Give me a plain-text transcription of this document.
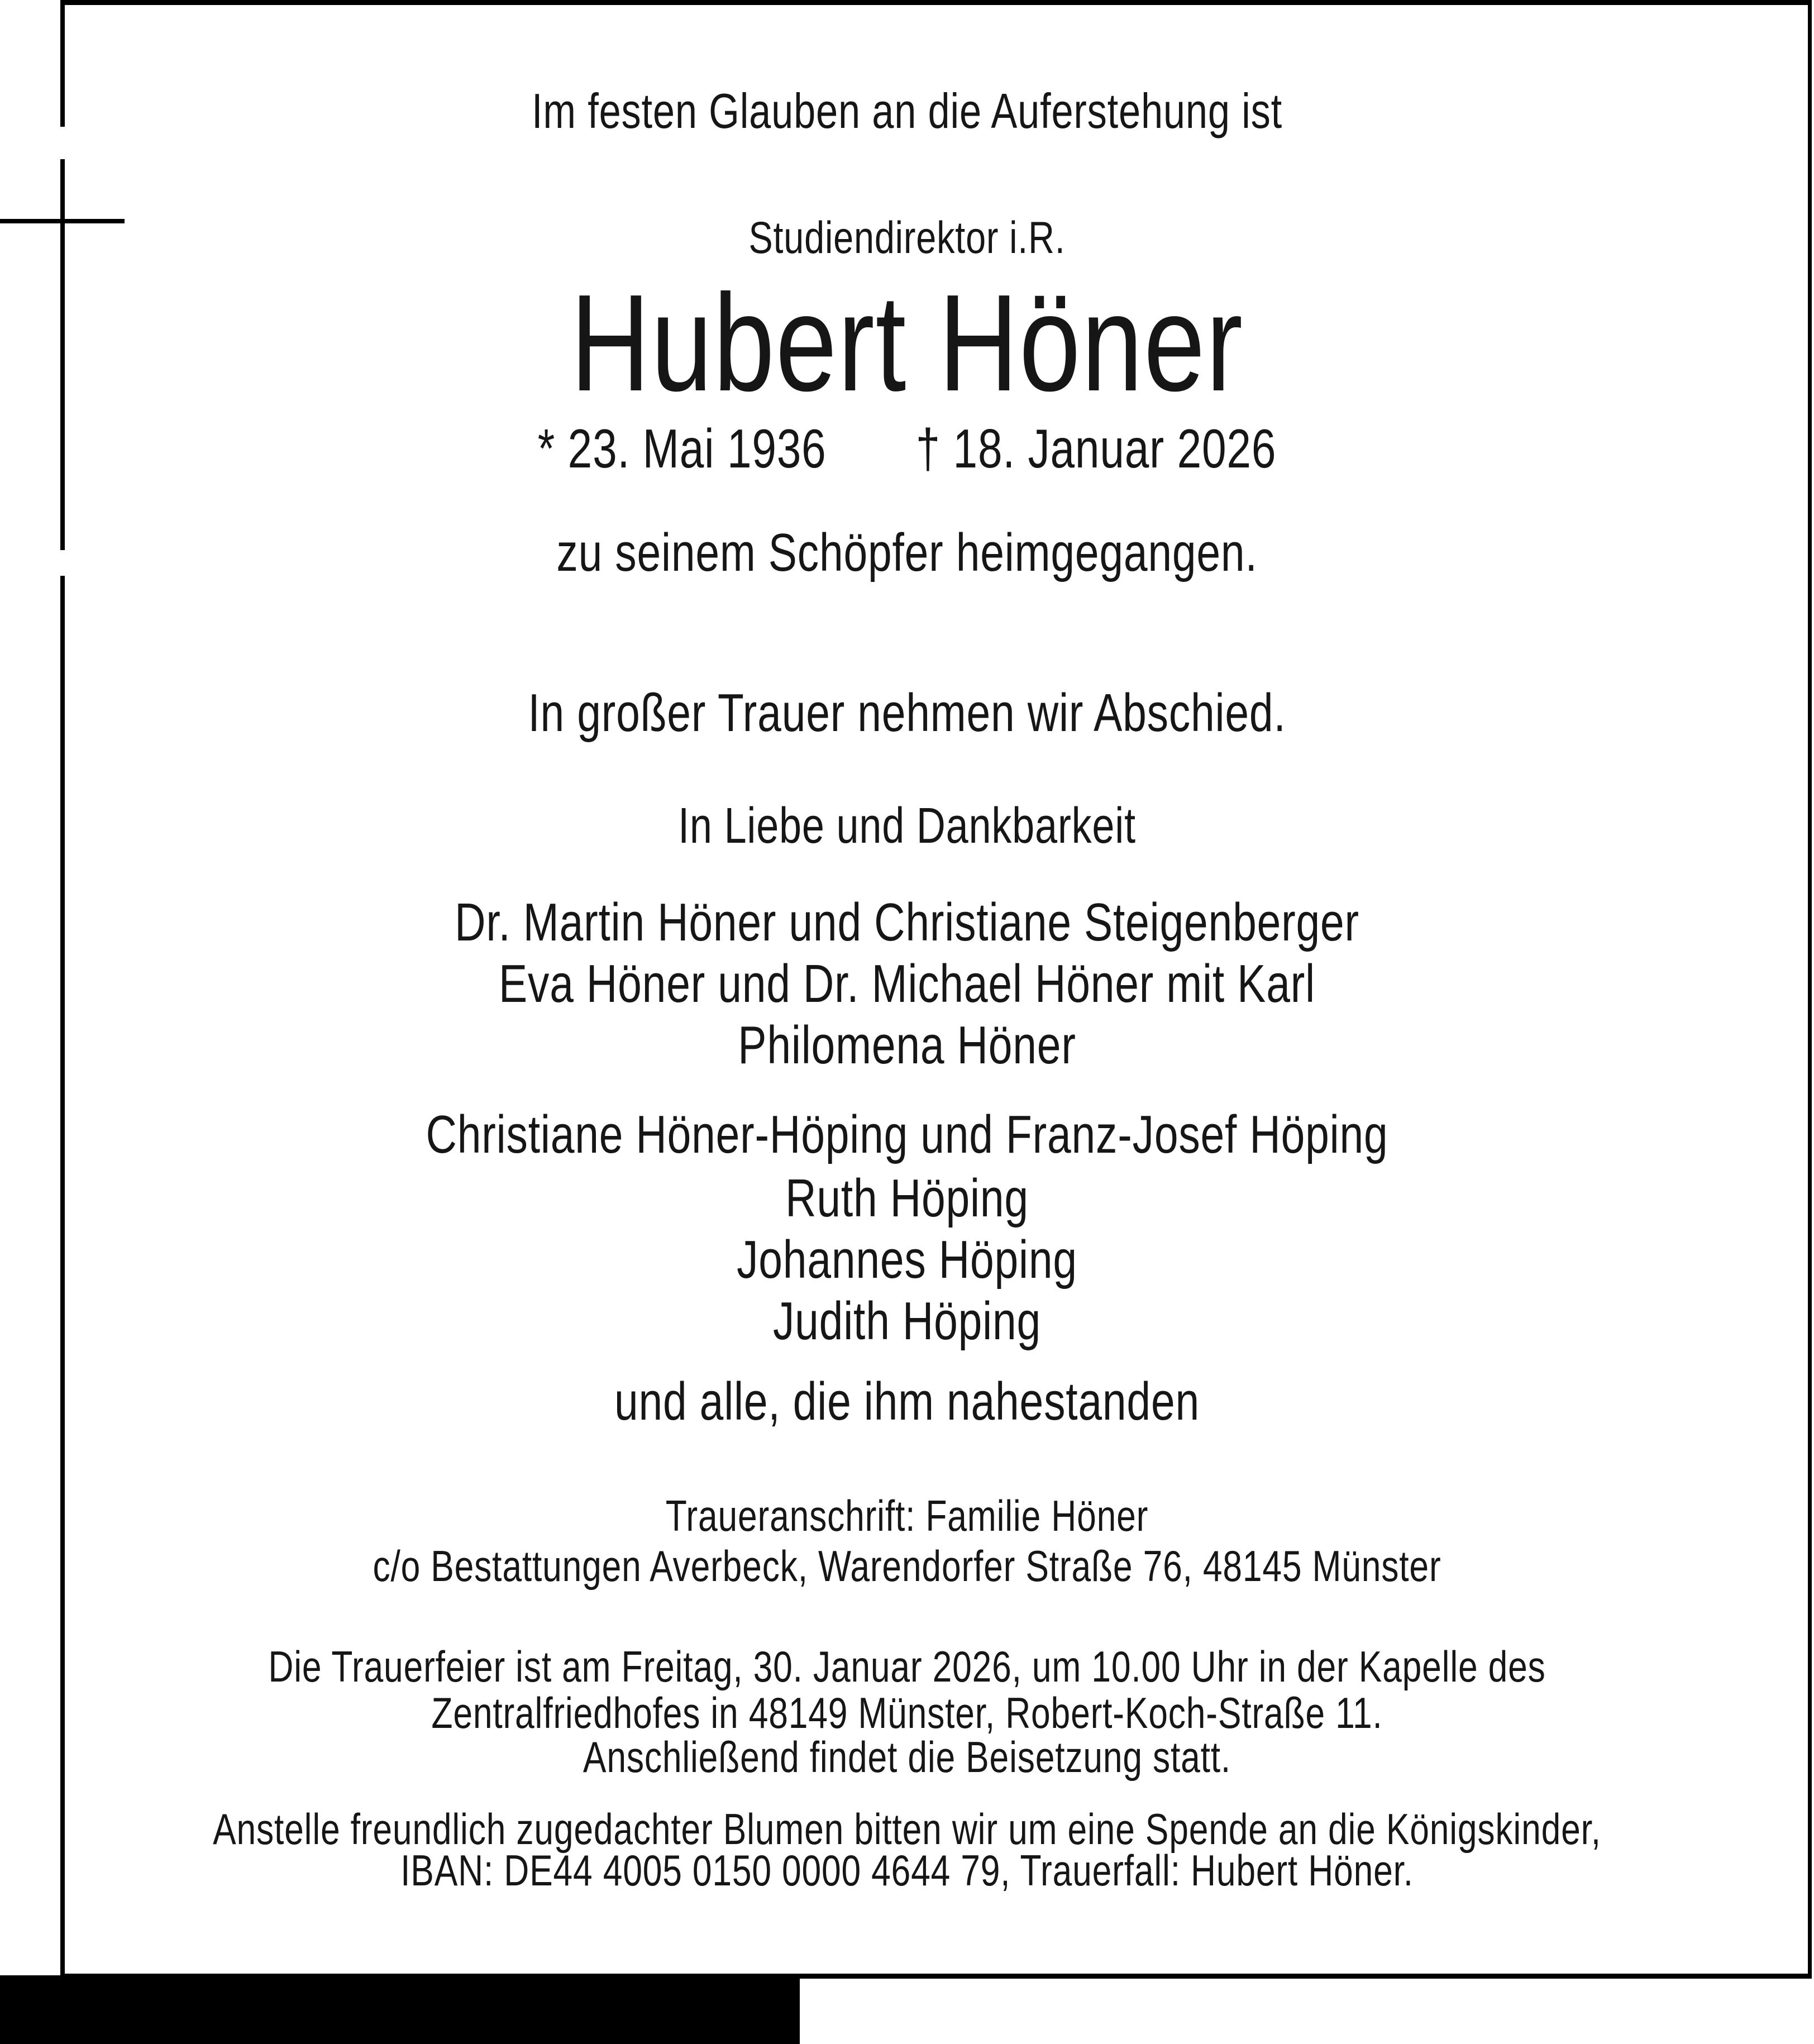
Im festen Glauben an die Auferstehung ist
Studiendirektor i.R.
Hubert Höner
* 23. Mai 1936 † 18. Januar 2026
zu seinem Schöpfer heimgegangen.
In großer Trauer nehmen wir Abschied.
In Liebe und Dankbarkeit
Dr. Martin Höner und Christiane Steigenberger
Eva Höner und Dr. Michael Höner mit Karl
Philomena Höner
Christiane Höner-Höping und Franz-Josef Höping
Ruth Höping
Johannes Höping
Judith Höping
und alle, die ihm nahestanden
Traueranschrift: Familie Höner
c/o Bestattungen Averbeck, Warendorfer Straße 76, 48145 Münster
Die Trauerfeier ist am Freitag, 30. Januar 2026, um 10.00 Uhr in der Kapelle des
Zentralfriedhofes in 48149 Münster, Robert-Koch-Straße 11.
Anschließend findet die Beisetzung statt.
Anstelle freundlich zugedachter Blumen bitten wir um eine Spende an die Königskinder,
IBAN: DE44 4005 0150 0000 4644 79, Trauerfall: Hubert Höner.
